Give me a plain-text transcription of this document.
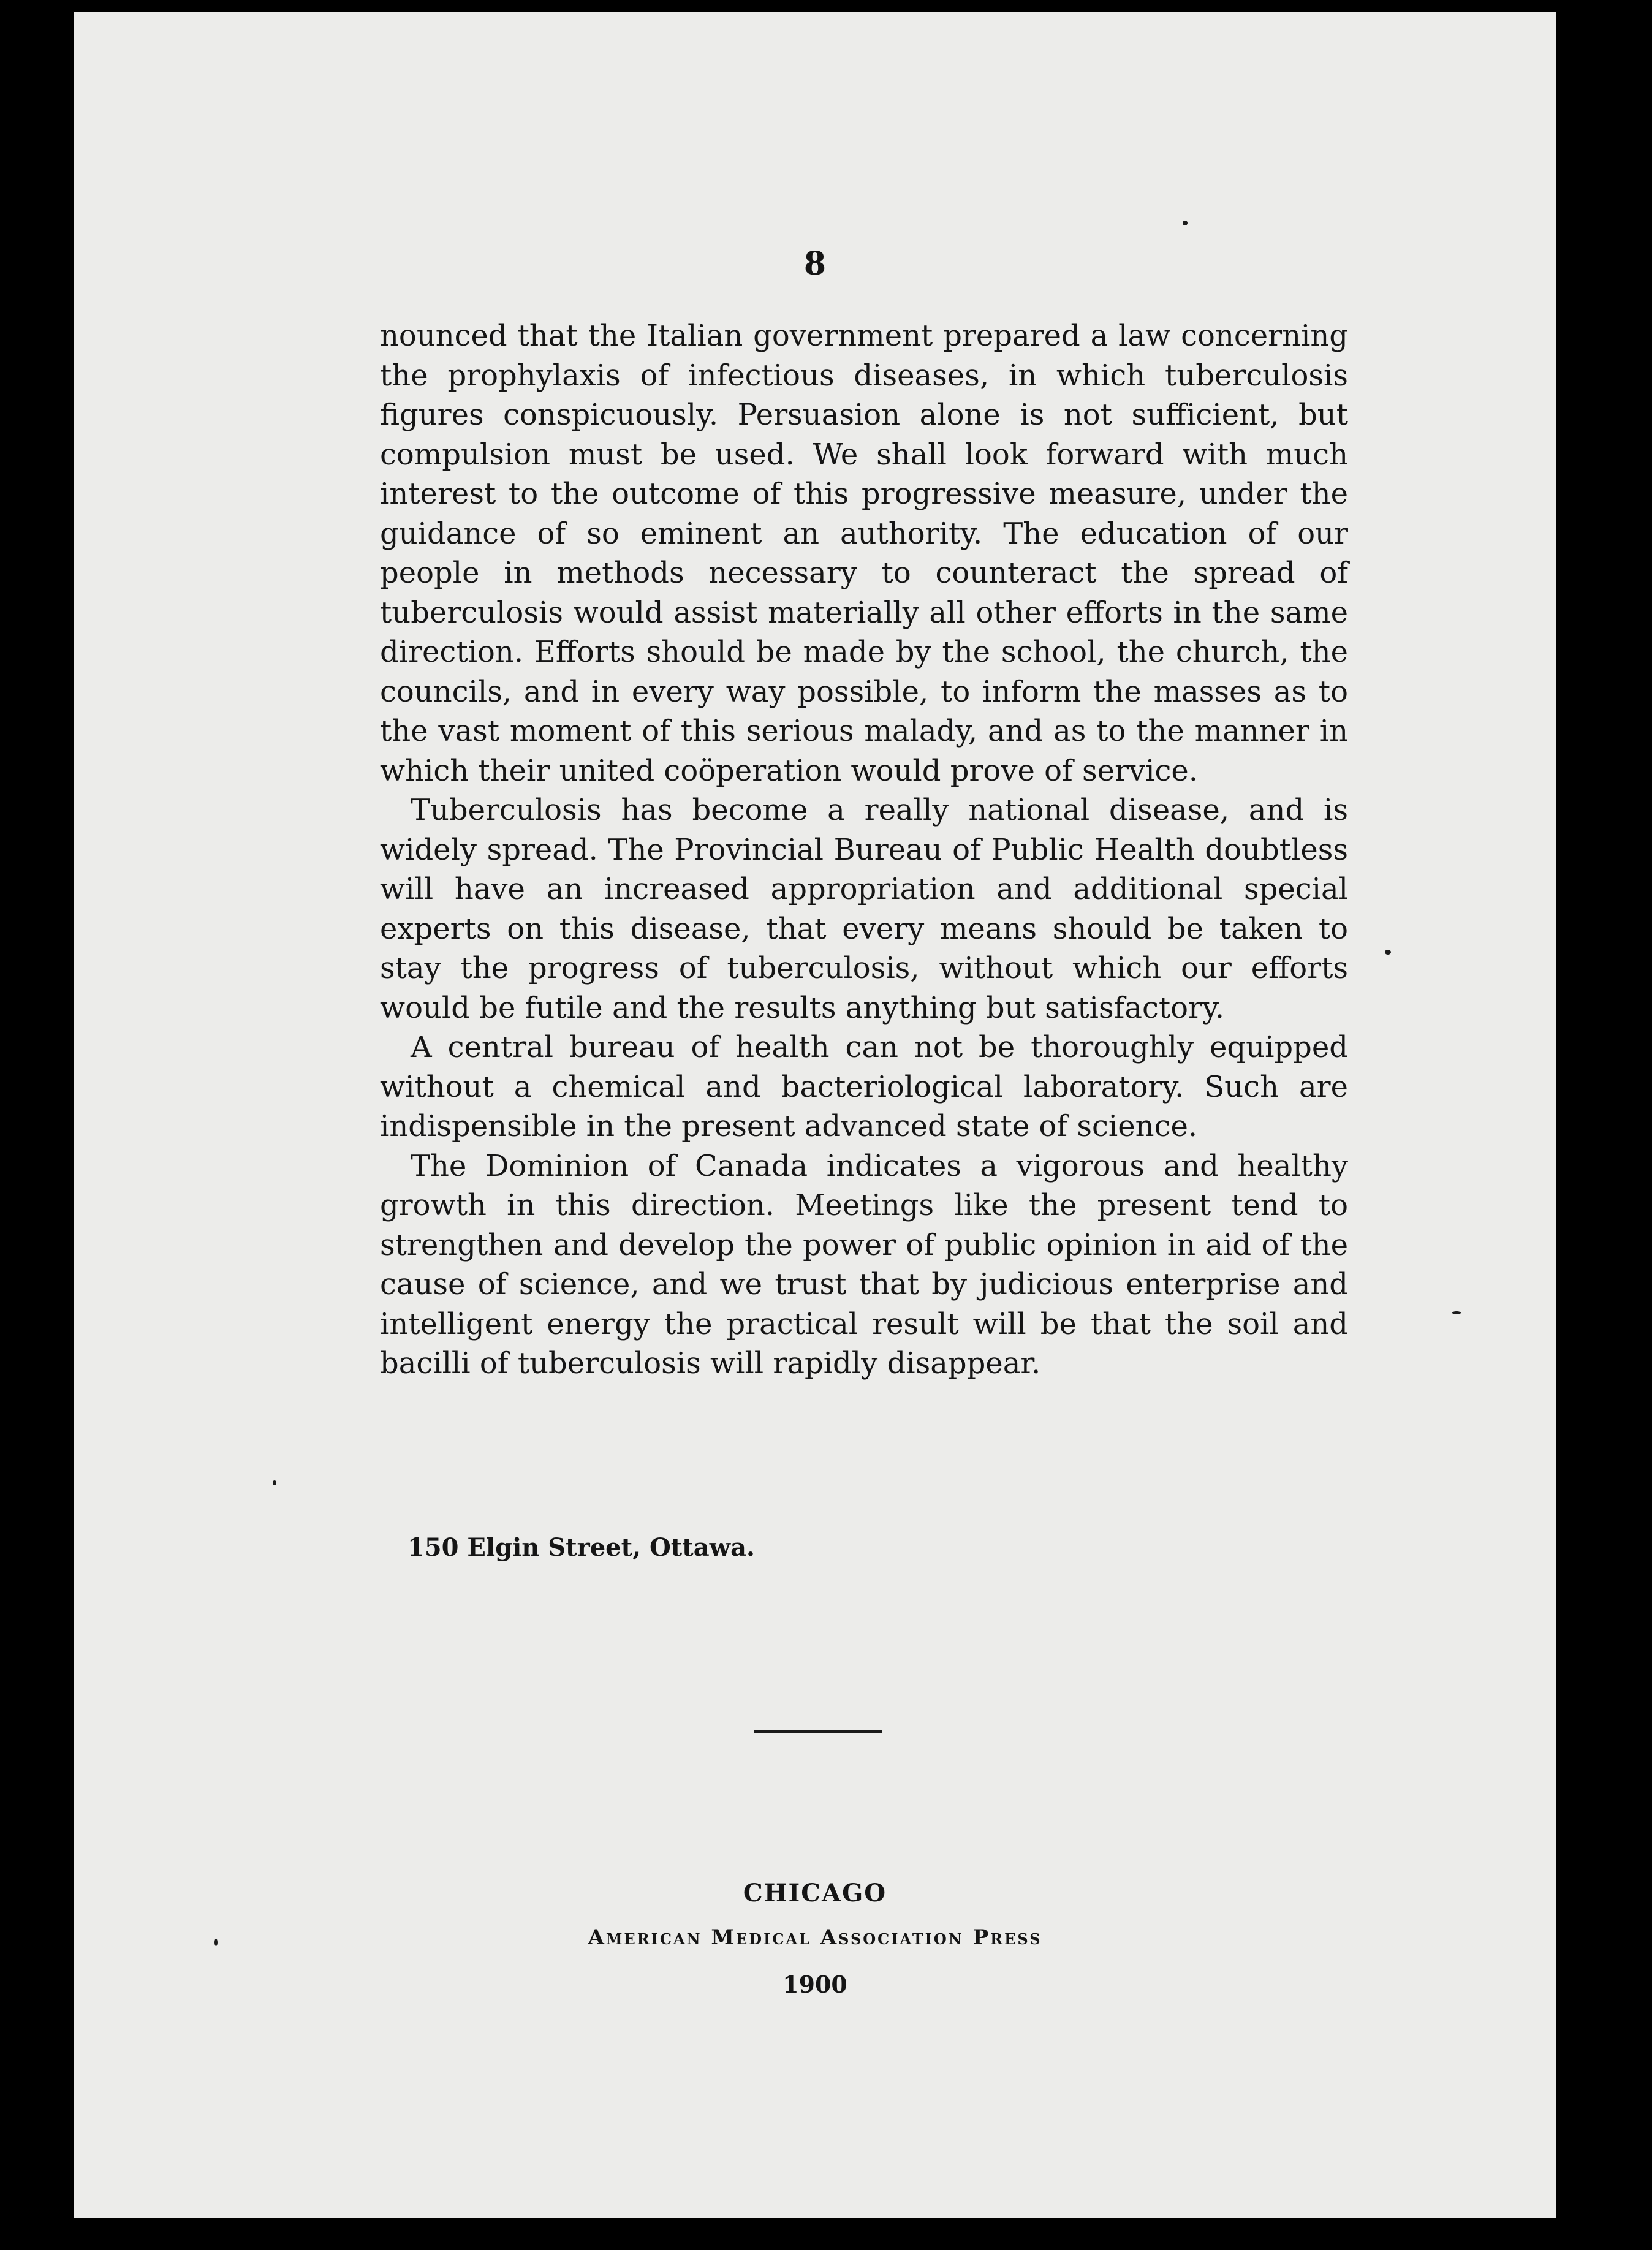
8

nounced that the Italian government prepared a law concerning the prophylaxis of infectious diseases, in which tuberculosis figures conspicuously. Persuasion alone is not sufficient, but compulsion must be used. We shall look forward with much interest to the outcome of this progressive measure, under the guidance of so eminent an authority. The education of our people in methods necessary to counteract the spread of tuberculosis would assist materially all other efforts in the same direction. Efforts should be made by the school, the church, the councils, and in every way possible, to inform the masses as to the vast moment of this serious malady, and as to the manner in which their united coöperation would prove of service.

Tuberculosis has become a really national disease, and is widely spread. The Provincial Bureau of Public Health doubtless will have an increased appropriation and additional special experts on this disease, that every means should be taken to stay the progress of tuberculosis, without which our efforts would be futile and the results anything but satisfactory.

A central bureau of health can not be thoroughly equipped without a chemical and bacteriological laboratory. Such are indispensible in the present advanced state of science.

The Dominion of Canada indicates a vigorous and healthy growth in this direction. Meetings like the present tend to strengthen and develop the power of public opinion in aid of the cause of science, and we trust that by judicious enterprise and intelligent energy the practical result will be that the soil and bacilli of tuberculosis will rapidly disappear.

150 Elgin Street, Ottawa.
CHICAGO
American Medical Association Press
1900
